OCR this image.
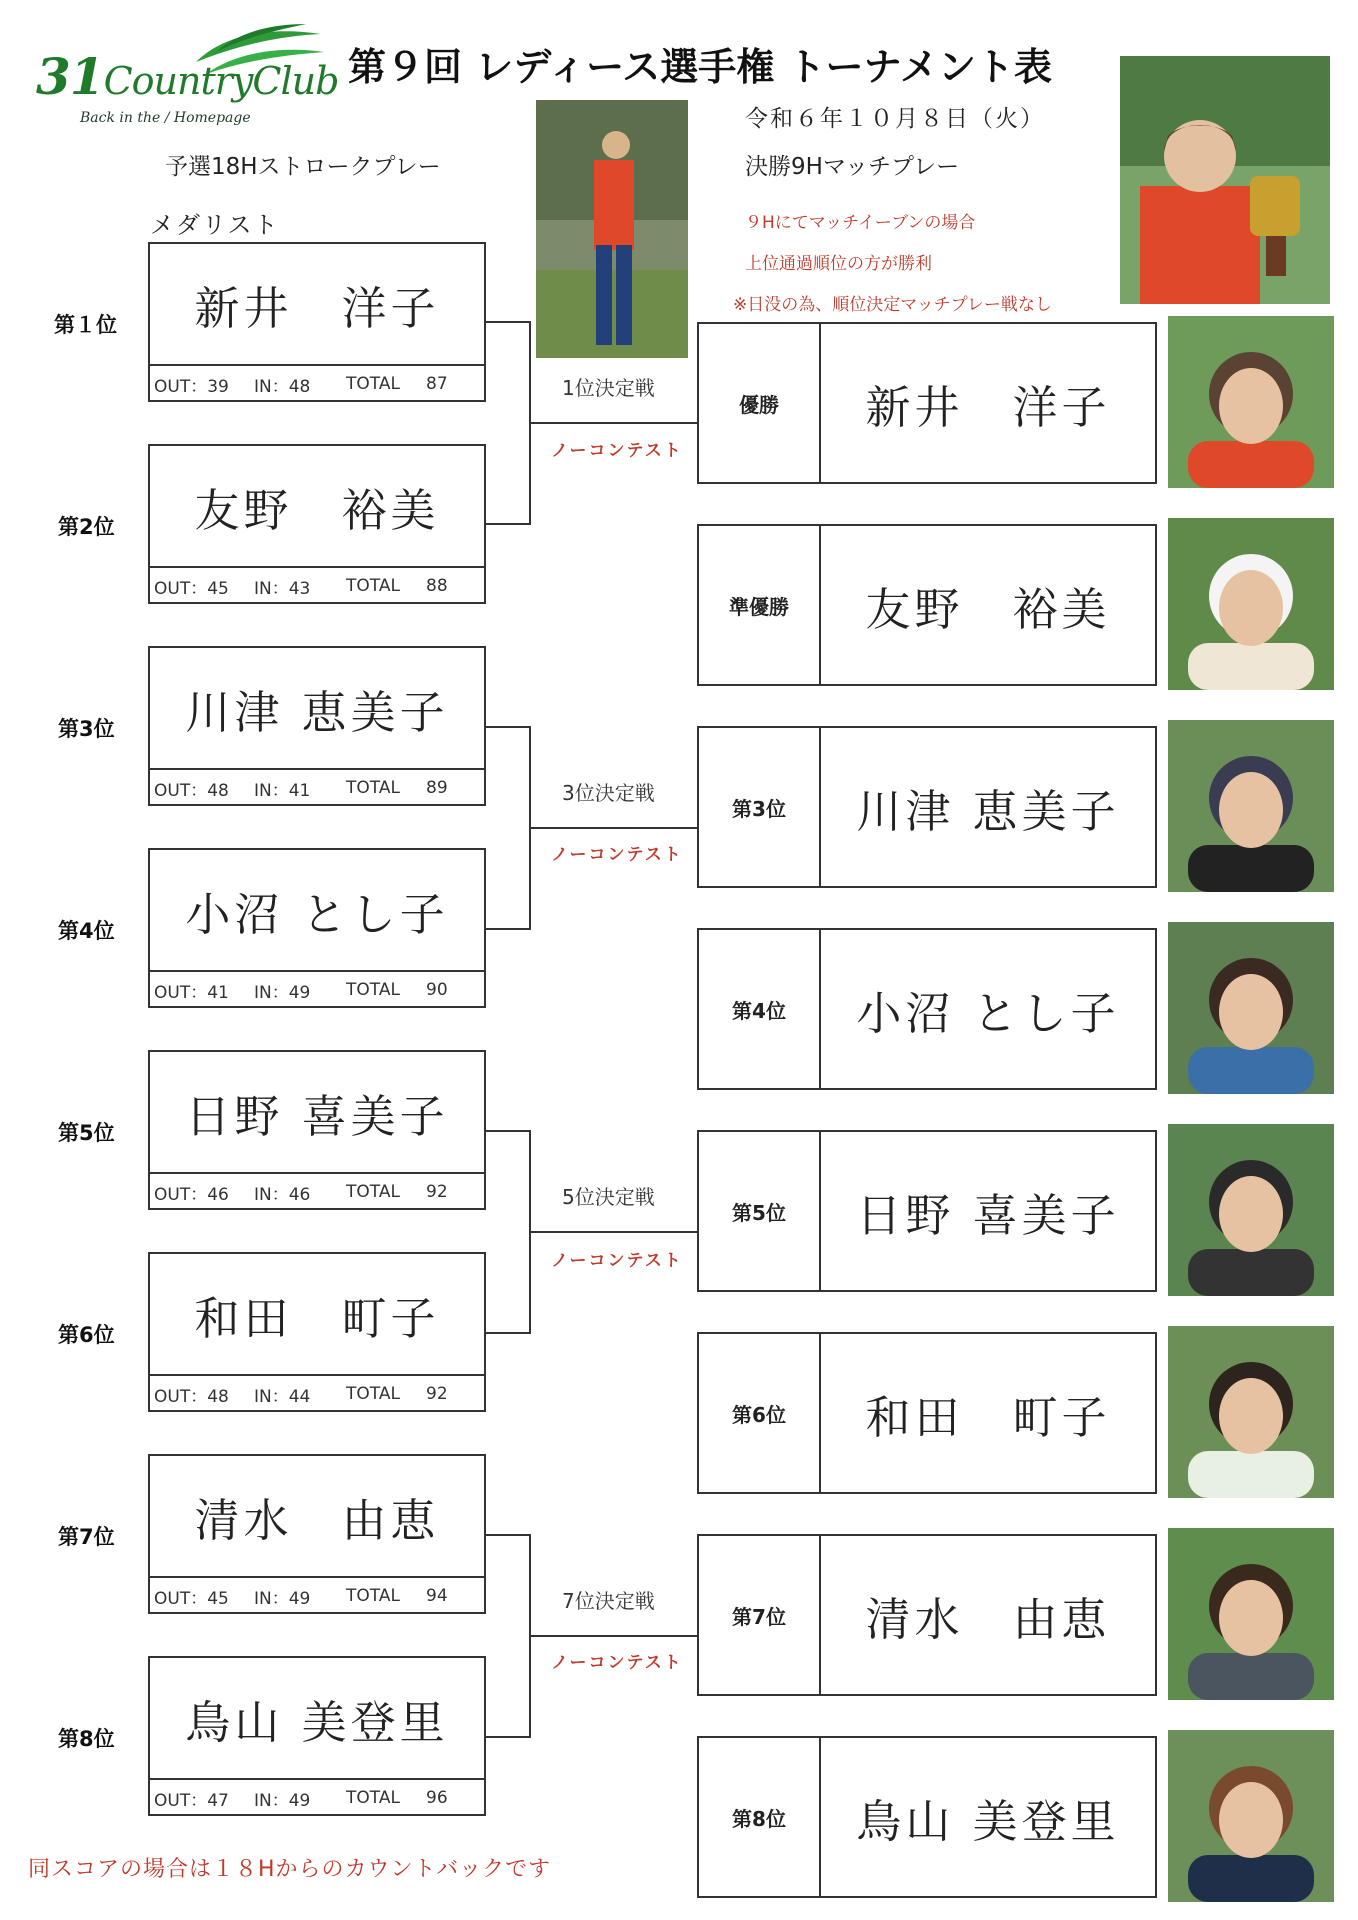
31CountryClub
Back in the / Homepage
第９回 レディース選手権 トーナメント表
令和６年１０月８日（火）
決勝9Hマッチプレー
予選18Hストロークプレー
メダリスト	９Hにてマッチイーブンの場合
上位通過順位の方が勝利
※日没の為、順位決定マッチプレー戦なし
1位決定戦
ノーコンテスト
3位決定戦
ノーコンテスト
5位決定戦
ノーコンテスト
7位決定戦
ノーコンテスト
第１位
第2位
第3位
第4位
第5位
第6位
第7位
第8位
新井　洋子
OUT：39	IN：48	TOTAL	87
友野　裕美
OUT：45	IN：43	TOTAL	88
川津 恵美子
OUT：48	IN：41	TOTAL	89
小沼 とし子
OUT：41	IN：49	TOTAL	90
日野 喜美子
OUT：46	IN：46	TOTAL	92
和田　町子
OUT：48	IN：44	TOTAL	92
清水　由恵
OUT：45	IN：49	TOTAL	94
鳥山 美登里
OUT：47	IN：49	TOTAL	96
優勝	新井　洋子
準優勝	友野　裕美
第3位	川津 恵美子
第4位	小沼 とし子
第5位	日野 喜美子
第6位	和田　町子
第7位	清水　由恵
第8位	鳥山 美登里
同スコアの場合は１８Hからのカウントバックです
